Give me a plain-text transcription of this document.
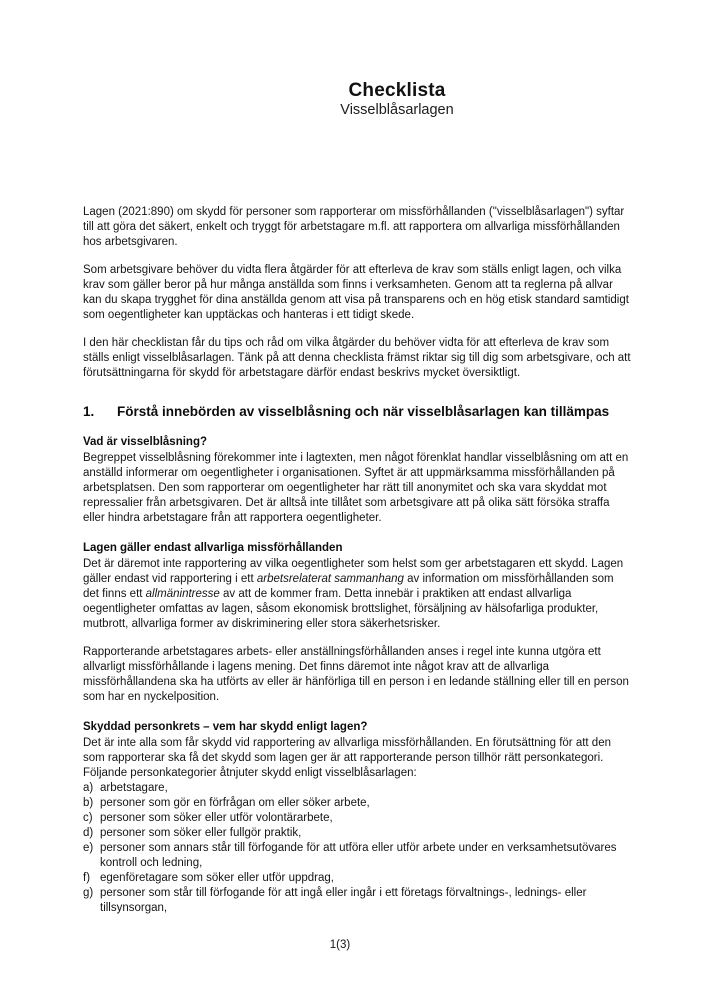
Checklista
Visselblåsarlagen

Lagen (2021:890) om skydd för personer som rapporterar om missförhållanden ("visselblåsarlagen") syftar till att göra det säkert, enkelt och tryggt för arbetstagare m.fl. att rapportera om allvarliga missförhållanden hos arbetsgivaren.

Som arbetsgivare behöver du vidta flera åtgärder för att efterleva de krav som ställs enligt lagen, och vilka krav som gäller beror på hur många anställda som finns i verksamheten. Genom att ta reglerna på allvar kan du skapa trygghet för dina anställda genom att visa på transparens och en hög etisk standard samtidigt som oegentligheter kan upptäckas och hanteras i ett tidigt skede.

I den här checklistan får du tips och råd om vilka åtgärder du behöver vidta för att efterleva de krav som ställs enligt visselblåsarlagen. Tänk på att denna checklista främst riktar sig till dig som arbetsgivare, och att förutsättningarna för skydd för arbetstagare därför endast beskrivs mycket översiktligt.

1.	Förstå innebörden av visselblåsning och när visselblåsarlagen kan tillämpas
Vad är visselblåsning?

Begreppet visselblåsning förekommer inte i lagtexten, men något förenklat handlar visselblåsning om att en anställd informerar om oegentligheter i organisationen. Syftet är att uppmärksamma missförhållanden på arbetsplatsen. Den som rapporterar om oegentligheter har rätt till anonymitet och ska vara skyddat mot repressalier från arbetsgivaren. Det är alltså inte tillåtet som arbetsgivare att på olika sätt försöka straffa eller hindra arbetstagare från att rapportera oegentligheter.

Lagen gäller endast allvarliga missförhållanden

Det är däremot inte rapportering av vilka oegentligheter som helst som ger arbetstagaren ett skydd. Lagen gäller endast vid rapportering i ett arbetsrelaterat sammanhang av information om missförhållanden som det finns ett allmänintresse av att de kommer fram. Detta innebär i praktiken att endast allvarliga oegentligheter omfattas av lagen, såsom ekonomisk brottslighet, försäljning av hälsofarliga produkter, mutbrott, allvarliga former av diskriminering eller stora säkerhetsrisker.

Rapporterande arbetstagares arbets- eller anställningsförhållanden anses i regel inte kunna utgöra ett allvarligt missförhållande i lagens mening. Det finns däremot inte något krav att de allvarliga missförhållandena ska ha utförts av eller är hänförliga till en person i en ledande ställning eller till en person som har en nyckelposition.

Skyddad personkrets – vem har skydd enligt lagen?

Det är inte alla som får skydd vid rapportering av allvarliga missförhållanden. En förutsättning för att den som rapporterar ska få det skydd som lagen ger är att rapporterande person tillhör rätt personkategori. Följande personkategorier åtnjuter skydd enligt visselblåsarlagen:

a) arbetstagare,
b) personer som gör en förfrågan om eller söker arbete,
c) personer som söker eller utför volontärarbete,
d) personer som söker eller fullgör praktik,
e) personer som annars står till förfogande för att utföra eller utför arbete under en verksamhetsutövares kontroll och ledning,
f) egenföretagare som söker eller utför uppdrag,
g) personer som står till förfogande för att ingå eller ingår i ett företags förvaltnings-, lednings- eller tillsynsorgan,
1(3)
